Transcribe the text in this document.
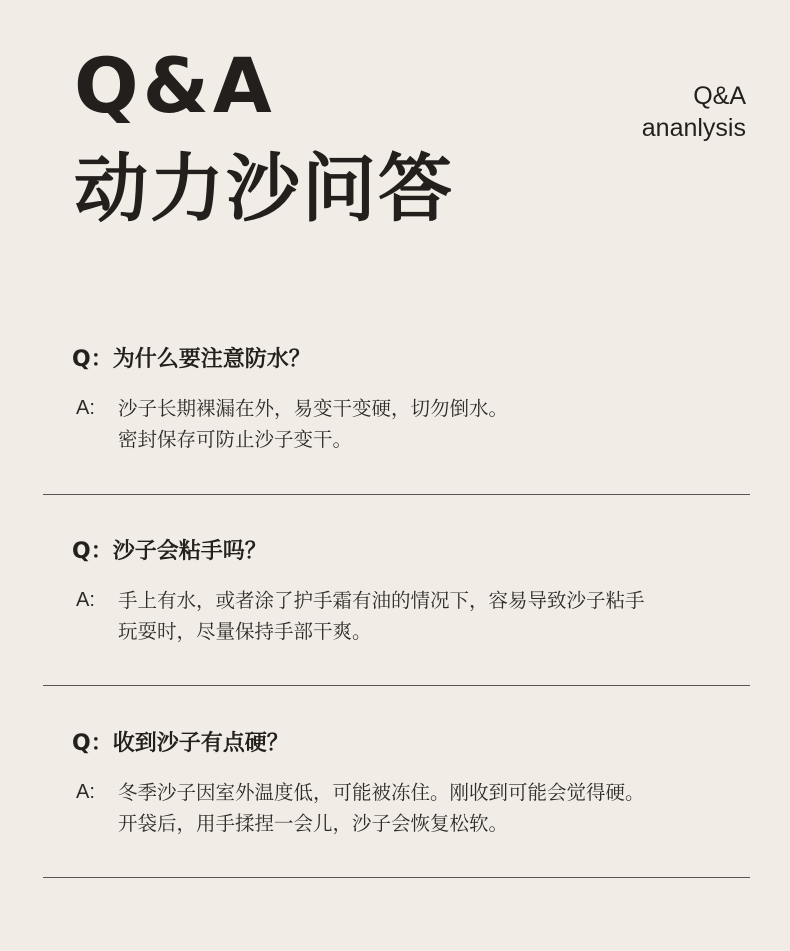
Q&A
动力沙问答
Q&A
ananlysis
Q：为什么要注意防水？
A: 沙子长期裸漏在外，易变干变硬，切勿倒水。
密封保存可防止沙子变干。
Q：沙子会粘手吗？
A: 手上有水，或者涂了护手霜有油的情况下，容易导致沙子粘手
玩耍时，尽量保持手部干爽。
Q：收到沙子有点硬？
A: 冬季沙子因室外温度低，可能被冻住。刚收到可能会觉得硬。
开袋后，用手揉捏一会儿，沙子会恢复松软。
